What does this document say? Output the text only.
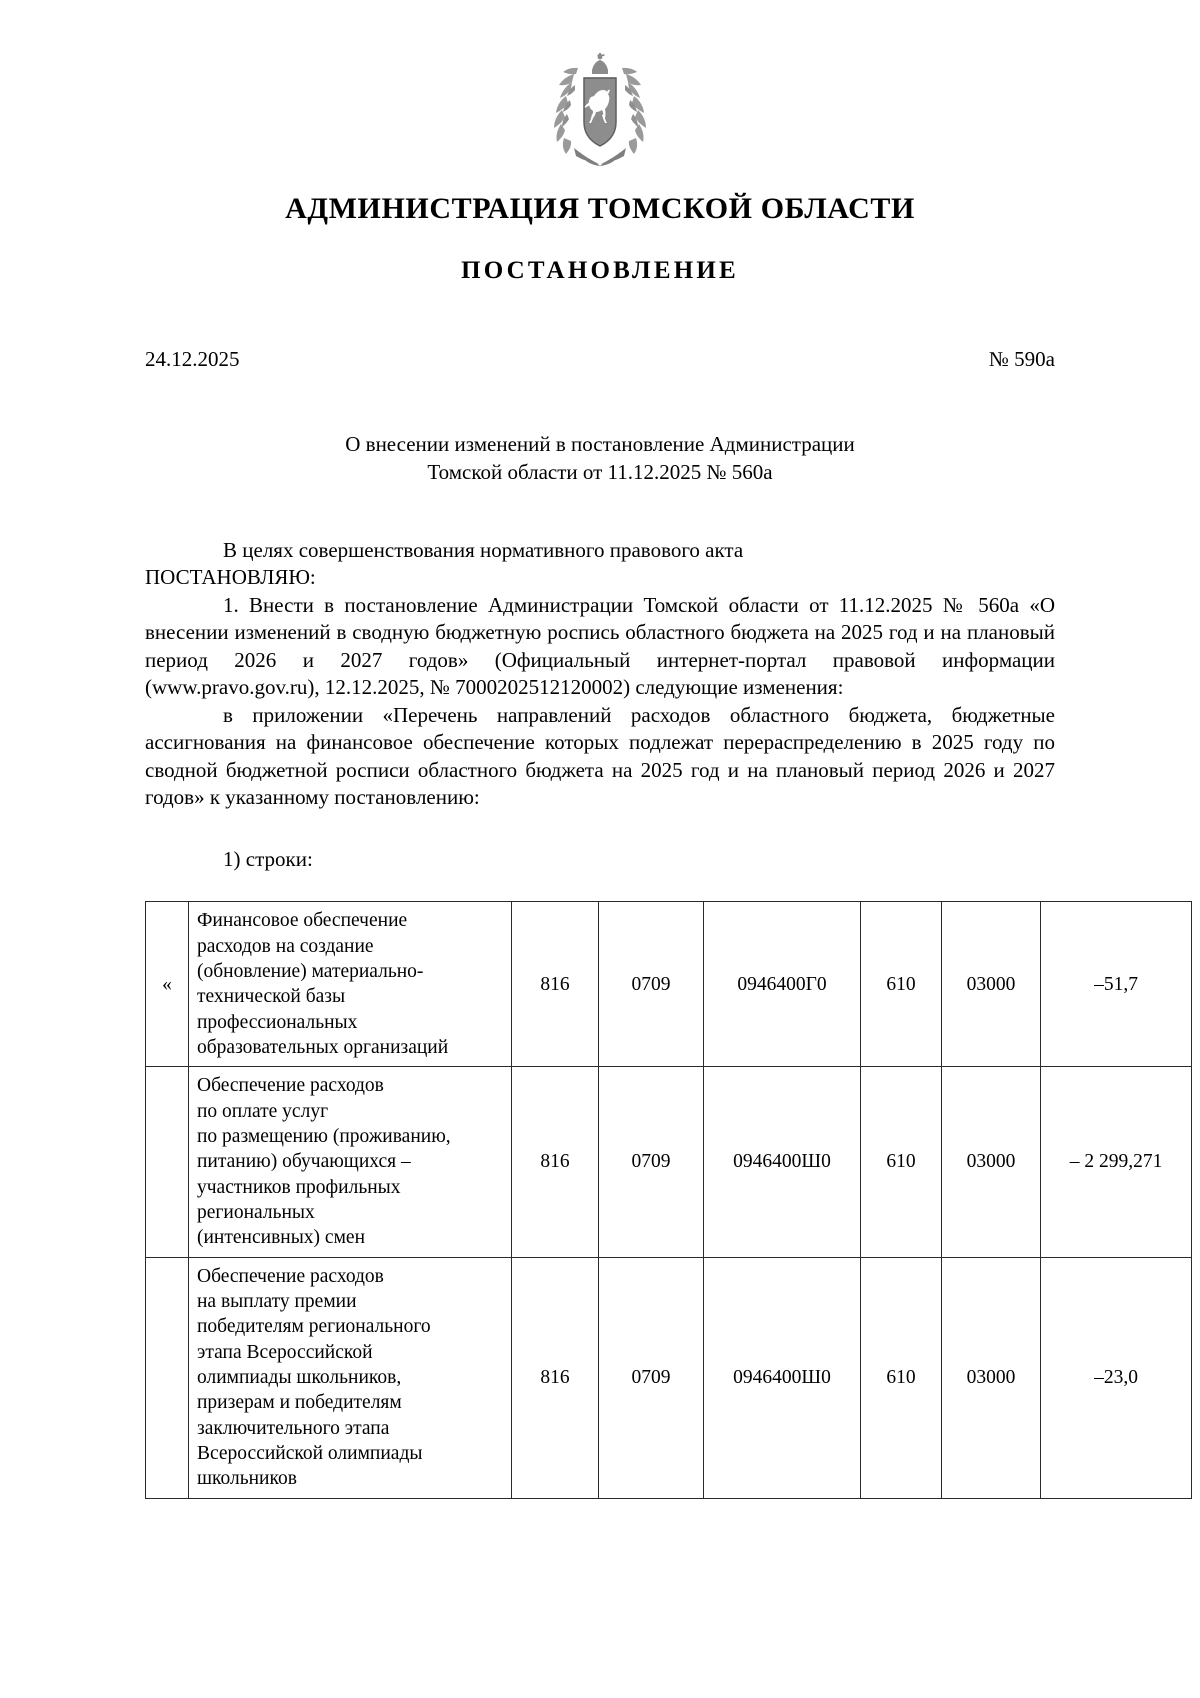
АДМИНИСТРАЦИЯ ТОМСКОЙ ОБЛАСТИ
ПОСТАНОВЛЕНИЕ
24.12.2025	№ 590а
О внесении изменений в постановление Администрации
Томской области от 11.12.2025 № 560а

В целях совершенствования нормативного правового акта

ПОСТАНОВЛЯЮ:

1. Внести в постановление Администрации Томской области от 11.12.2025 № 560а «О внесении изменений в сводную бюджетную роспись областного бюджета на 2025 год и на плановый период 2026 и 2027 годов» (Официальный интернет-портал правовой информации (www.pravo.gov.ru), 12.12.2025, № 7000202512120002) следующие изменения:

в приложении «Перечень направлений расходов областного бюджета, бюджетные ассигнования на финансовое обеспечение которых подлежат перераспределению в 2025 году по сводной бюджетной росписи областного бюджета на 2025 год и на плановый период 2026 и 2027 годов» к указанному постановлению:

1) строки:

«	
Финансовое обеспечение
расходов на создание
(обновление) материально-
технической базы
профессиональных
образовательных организаций
	816	0709	0946400Г0	610	03000	–51,7

Обеспечение расходов
по оплате услуг
по размещению (проживанию,
питанию) обучающихся –
участников профильных
региональных
(интенсивных) смен
	816	0709	0946400Ш0	610	03000	– 2 299,271

Обеспечение расходов
на выплату премии
победителям регионального
этапа Всероссийской
олимпиады школьников,
призерам и победителям
заключительного этапа
Всероссийской олимпиады
школьников
	816	0709	0946400Ш0	610	03000	–23,0
